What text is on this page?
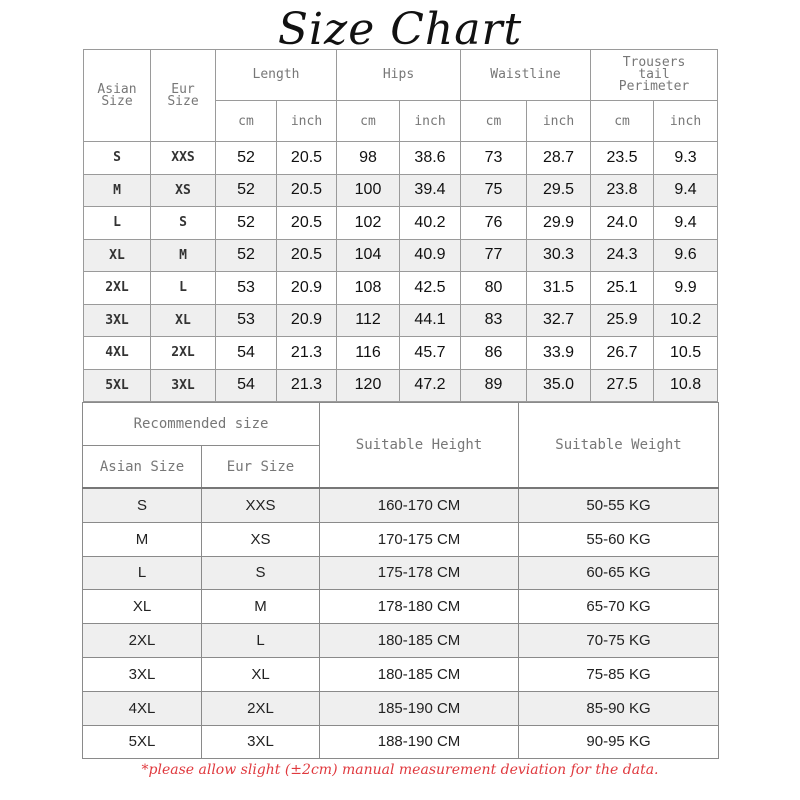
Size Chart
Asian
Size	Eur
Size	Length		Hips		Waistline		Trousers
tail
Perimeter	
		cm	inch	cm	inch	cm	inch	cm	inch
S	XXS	52	20.5	98	38.6	73	28.7	23.5	9.3
M	XS	52	20.5	100	39.4	75	29.5	23.8	9.4
L	S	52	20.5	102	40.2	76	29.9	24.0	9.4
XL	M	52	20.5	104	40.9	77	30.3	24.3	9.6
2XL	L	53	20.9	108	42.5	80	31.5	25.1	9.9
3XL	XL	53	20.9	112	44.1	83	32.7	25.9	10.2
4XL	2XL	54	21.3	116	45.7	86	33.9	26.7	10.5
5XL	3XL	54	21.3	120	47.2	89	35.0	27.5	10.8
Recommended size		Suitable Height	Suitable Weight
Asian Size	Eur Size		
S	XXS	160-170 CM	50-55 KG
M	XS	170-175 CM	55-60 KG
L	S	175-178 CM	60-65 KG
XL	M	178-180 CM	65-70 KG
2XL	L	180-185 CM	70-75 KG
3XL	XL	180-185 CM	75-85 KG
4XL	2XL	185-190 CM	85-90 KG
5XL	3XL	188-190 CM	90-95 KG
*please allow slight (±2cm) manual measurement deviation for the data.
